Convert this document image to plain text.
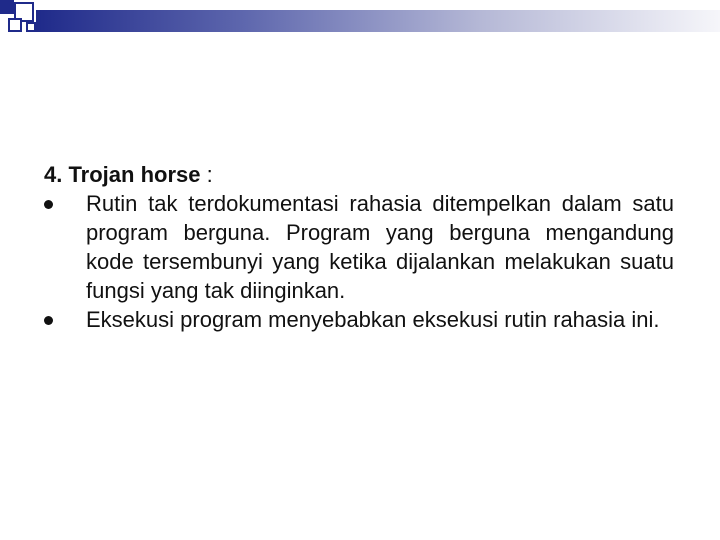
4. Trojan horse :

Rutin tak terdokumentasi rahasia ditempelkan dalam satu program berguna. Program yang berguna mengandung kode tersembunyi yang ketika dijalankan melakukan suatu fungsi yang tak diinginkan.
Eksekusi program menyebabkan eksekusi rutin rahasia ini.
